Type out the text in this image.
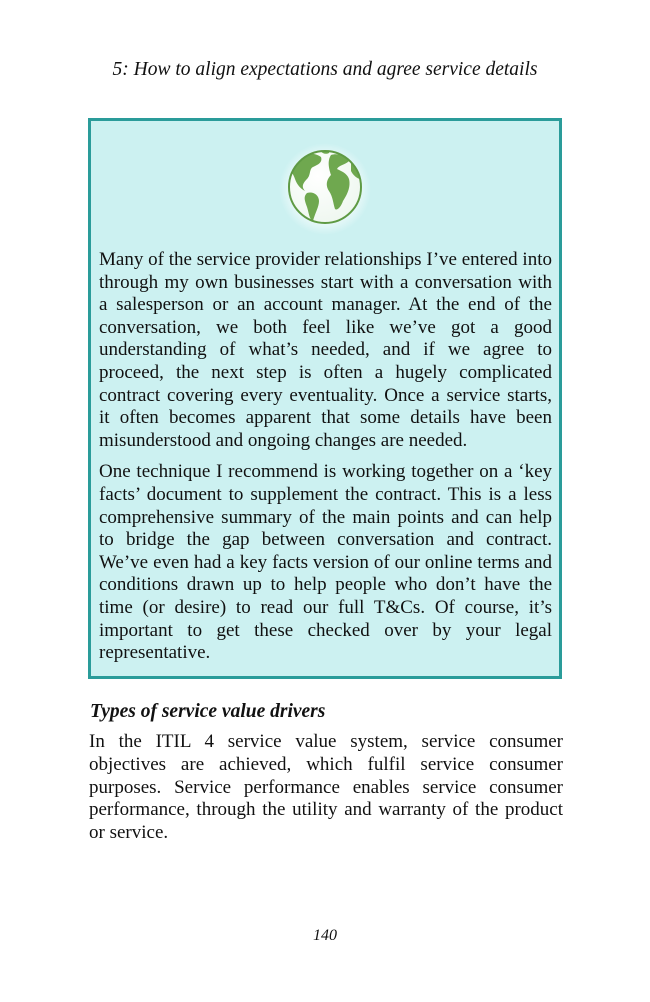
5: How to align expectations and agree service details

Many of the service provider relationships I’ve entered into through my own businesses start with a conversation with a salesperson or an account manager. At the end of the conversation, we both feel like we’ve got a good understanding of what’s needed, and if we agree to proceed, the next step is often a hugely complicated contract covering every eventuality. Once a service starts, it often becomes apparent that some details have been misunderstood and ongoing changes are needed.

One technique I recommend is working together on a ‘key facts’ document to supplement the contract. This is a less comprehensive summary of the main points and can help to bridge the gap between conversation and contract. We’ve even had a key facts version of our online terms and conditions drawn up to help people who don’t have the time (or desire) to read our full T&Cs. Of course, it’s important to get these checked over by your legal representative.

Types of service value drivers
In the ITIL 4 service value system, service consumer objectives are achieved, which fulfil service consumer purposes. Service performance enables service consumer performance, through the utility and warranty of the product or service.
140
